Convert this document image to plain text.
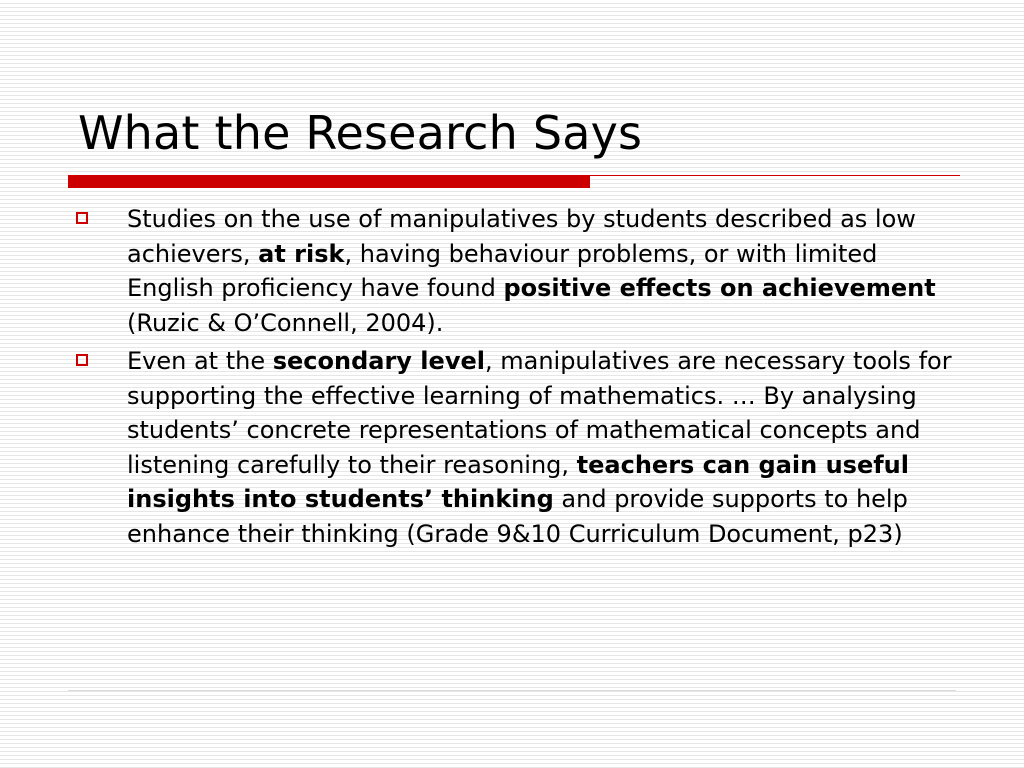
What the Research Says
Studies on the use of manipulatives by students described as low achievers, at risk, having behaviour problems, or with limited English proficiency have found positive effects on achievement (Ruzic & O’Connell, 2004).
Even at the secondary level, manipulatives are necessary tools for supporting the effective learning of mathematics. … By analysing students’ concrete representations of mathematical concepts and listening carefully to their reasoning, teachers can gain useful insights into students’ thinking and provide supports to help enhance their thinking (Grade 9&10 Curriculum Document, p23)
